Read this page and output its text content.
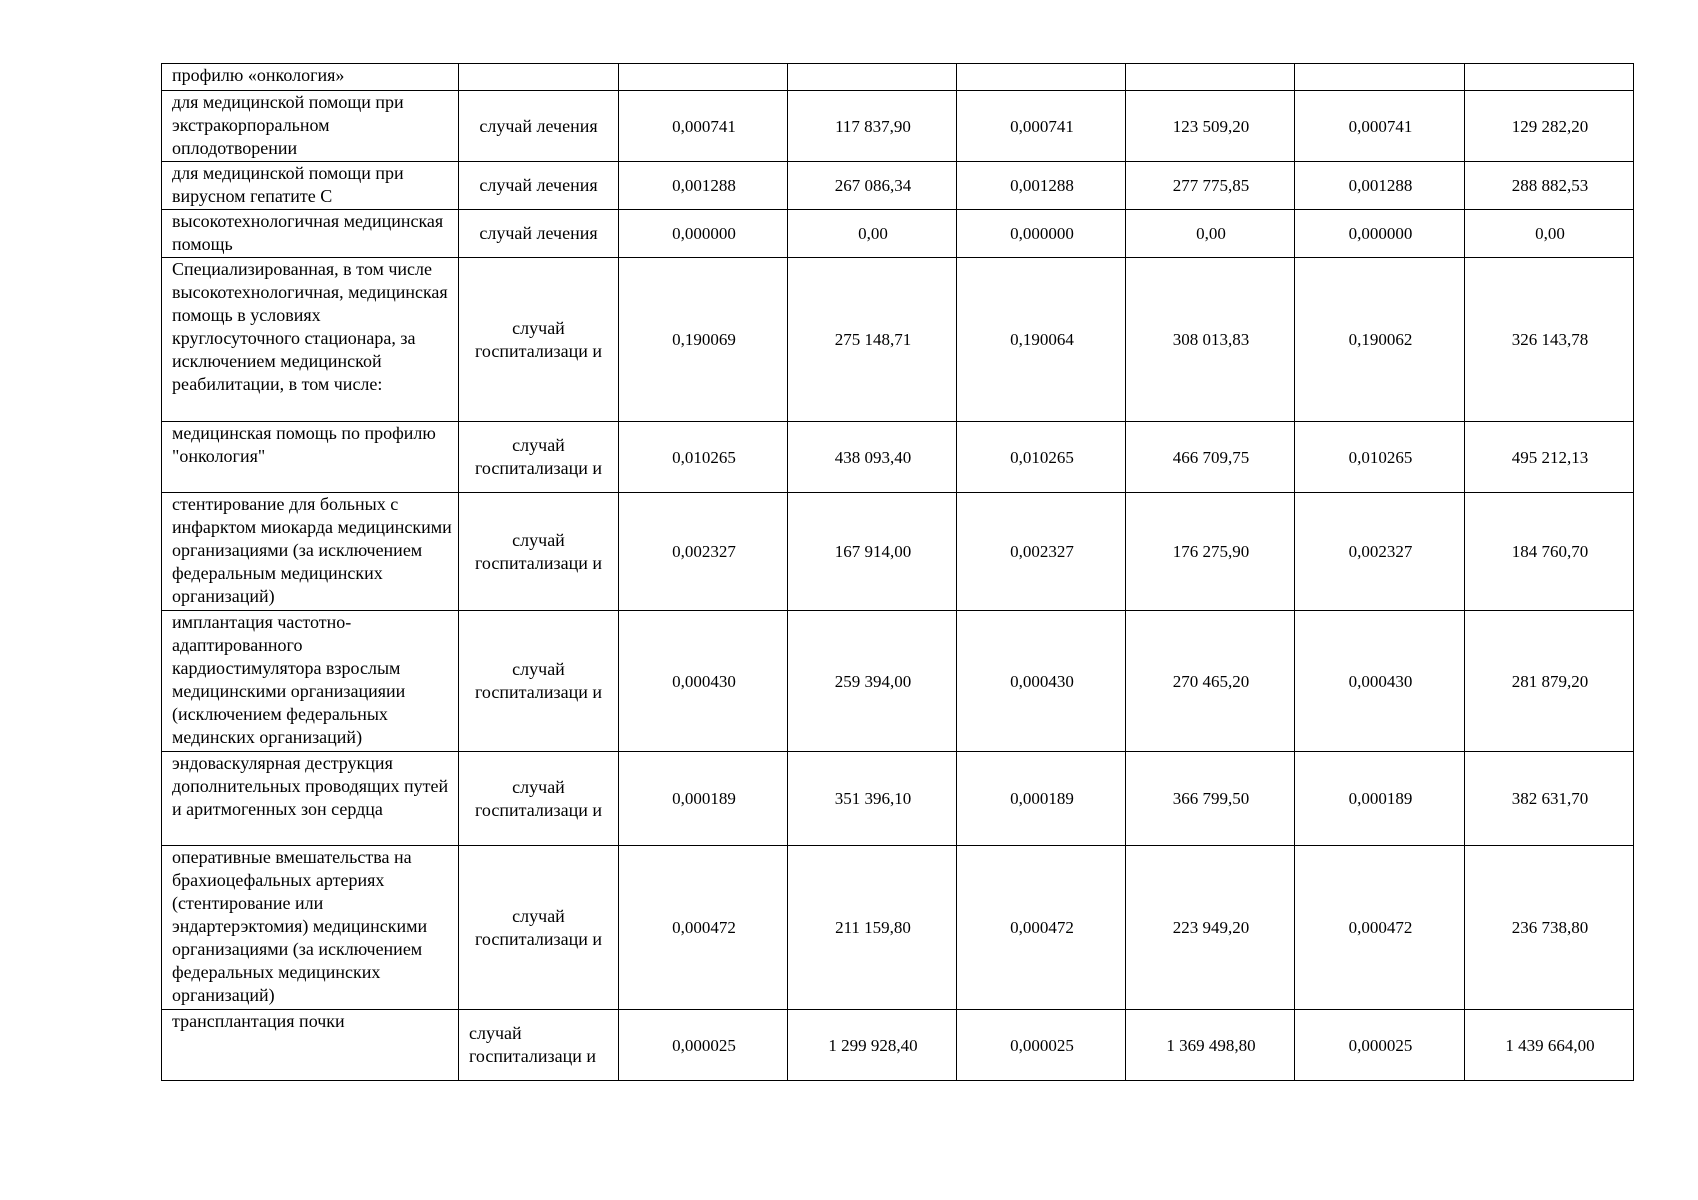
профилю «онкология»							

для медицинской помощи при экстракорпоральном оплодотворении	случай лечения	0,000741	117 837,90	0,000741	123 509,20	0,000741	129 282,20

для медицинской помощи при вирусном гепатите С	случай лечения	0,001288	267 086,34	0,001288	277 775,85	0,001288	288 882,53

высокотехнологичная медицинская помощь	случай лечения	0,000000	0,00	0,000000	0,00	0,000000	0,00

Специализированная, в том числе высокотехнологичная, медицинская помощь в условиях круглосуточного стационара, за исключением медицинской реабилитации, в том числе:	случай госпитализаци и	0,190069	275 148,71	0,190064	308 013,83	0,190062	326 143,78

медицинская помощь по профилю "онкология"	случай госпитализаци и	0,010265	438 093,40	0,010265	466 709,75	0,010265	495 212,13

стентирование для больных с инфарктом миокарда медицинскими организациями (за исключением федеральным медицинских организаций)	случай госпитализаци и	0,002327	167 914,00	0,002327	176 275,90	0,002327	184 760,70

имплантация частотно-адаптированного кардиостимулятора взрослым медицинскими организацияии (исключением федеральных мединских организаций)	случай госпитализаци и	0,000430	259 394,00	0,000430	270 465,20	0,000430	281 879,20

эндоваскулярная деструкция дополнительных проводящих путей и аритмогенных зон сердца	случай госпитализаци и	0,000189	351 396,10	0,000189	366 799,50	0,000189	382 631,70

оперативные вмешательства на брахиоцефальных артериях (стентирование или эндартерэктомия) медицинскими организациями (за исключением федеральных медицинских организаций)	случай госпитализаци и	0,000472	211 159,80	0,000472	223 949,20	0,000472	236 738,80

трансплантация почки	случай госпитализаци и	0,000025	1 299 928,40	0,000025	1 369 498,80	0,000025	1 439 664,00
